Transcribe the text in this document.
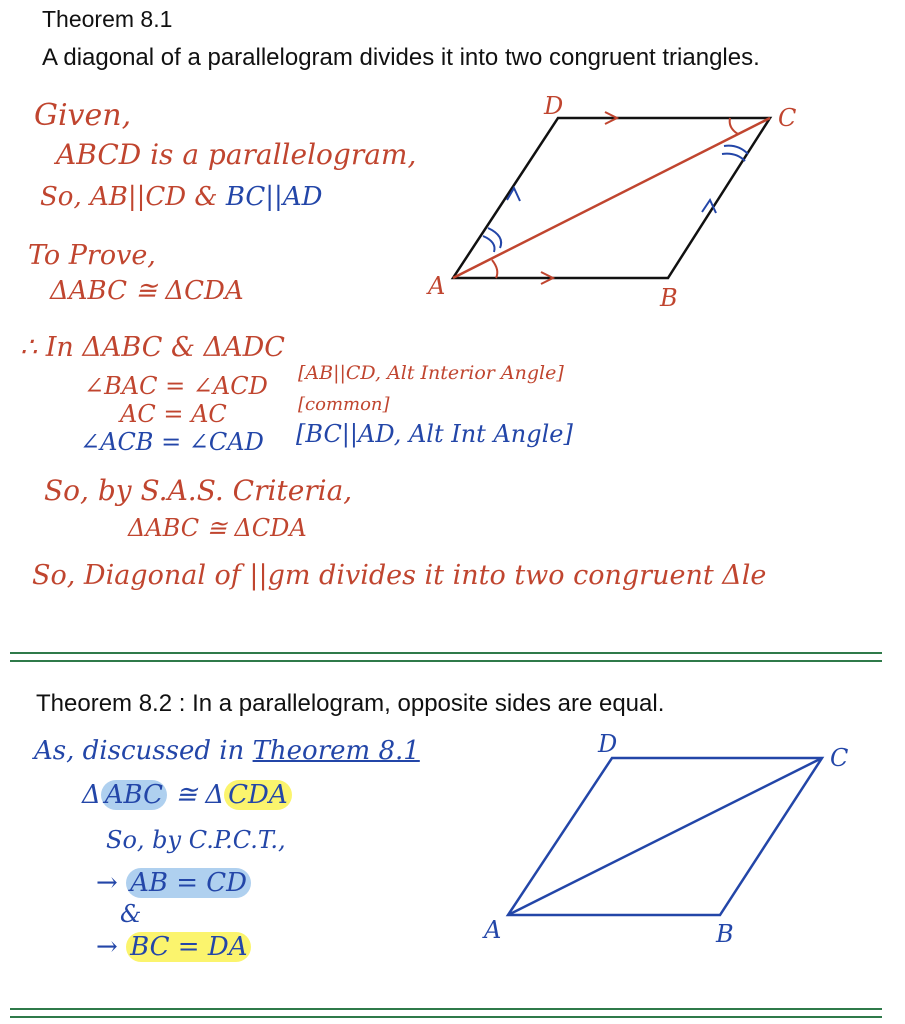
Theorem 8.1
A diagonal of a parallelogram divides it into two congruent triangles.
Given,
ABCD is a parallelogram,
So, AB||CD & BC||AD
To Prove,
ΔABC ≅ ΔCDA
∴ In ΔABC & ΔADC
∠BAC = ∠ACD [AB||CD, Alt Interior Angle]
AC = AC	[common]
∠ACB = ∠CAD [BC||AD, Alt Int Angle]
So, by S.A.S. Criteria,
ΔABC ≅ ΔCDA
So, Diagonal of ||gm divides it into two congruent Δle
A	B
C
D
Theorem 8.2 : In a parallelogram, opposite sides are equal.
As, discussed in Theorem 8.1
Δ ABC ≅ Δ CDA
So, by C.P.C.T.,
→ AB = CD
&
→ BC = DA
A	B
C
D
